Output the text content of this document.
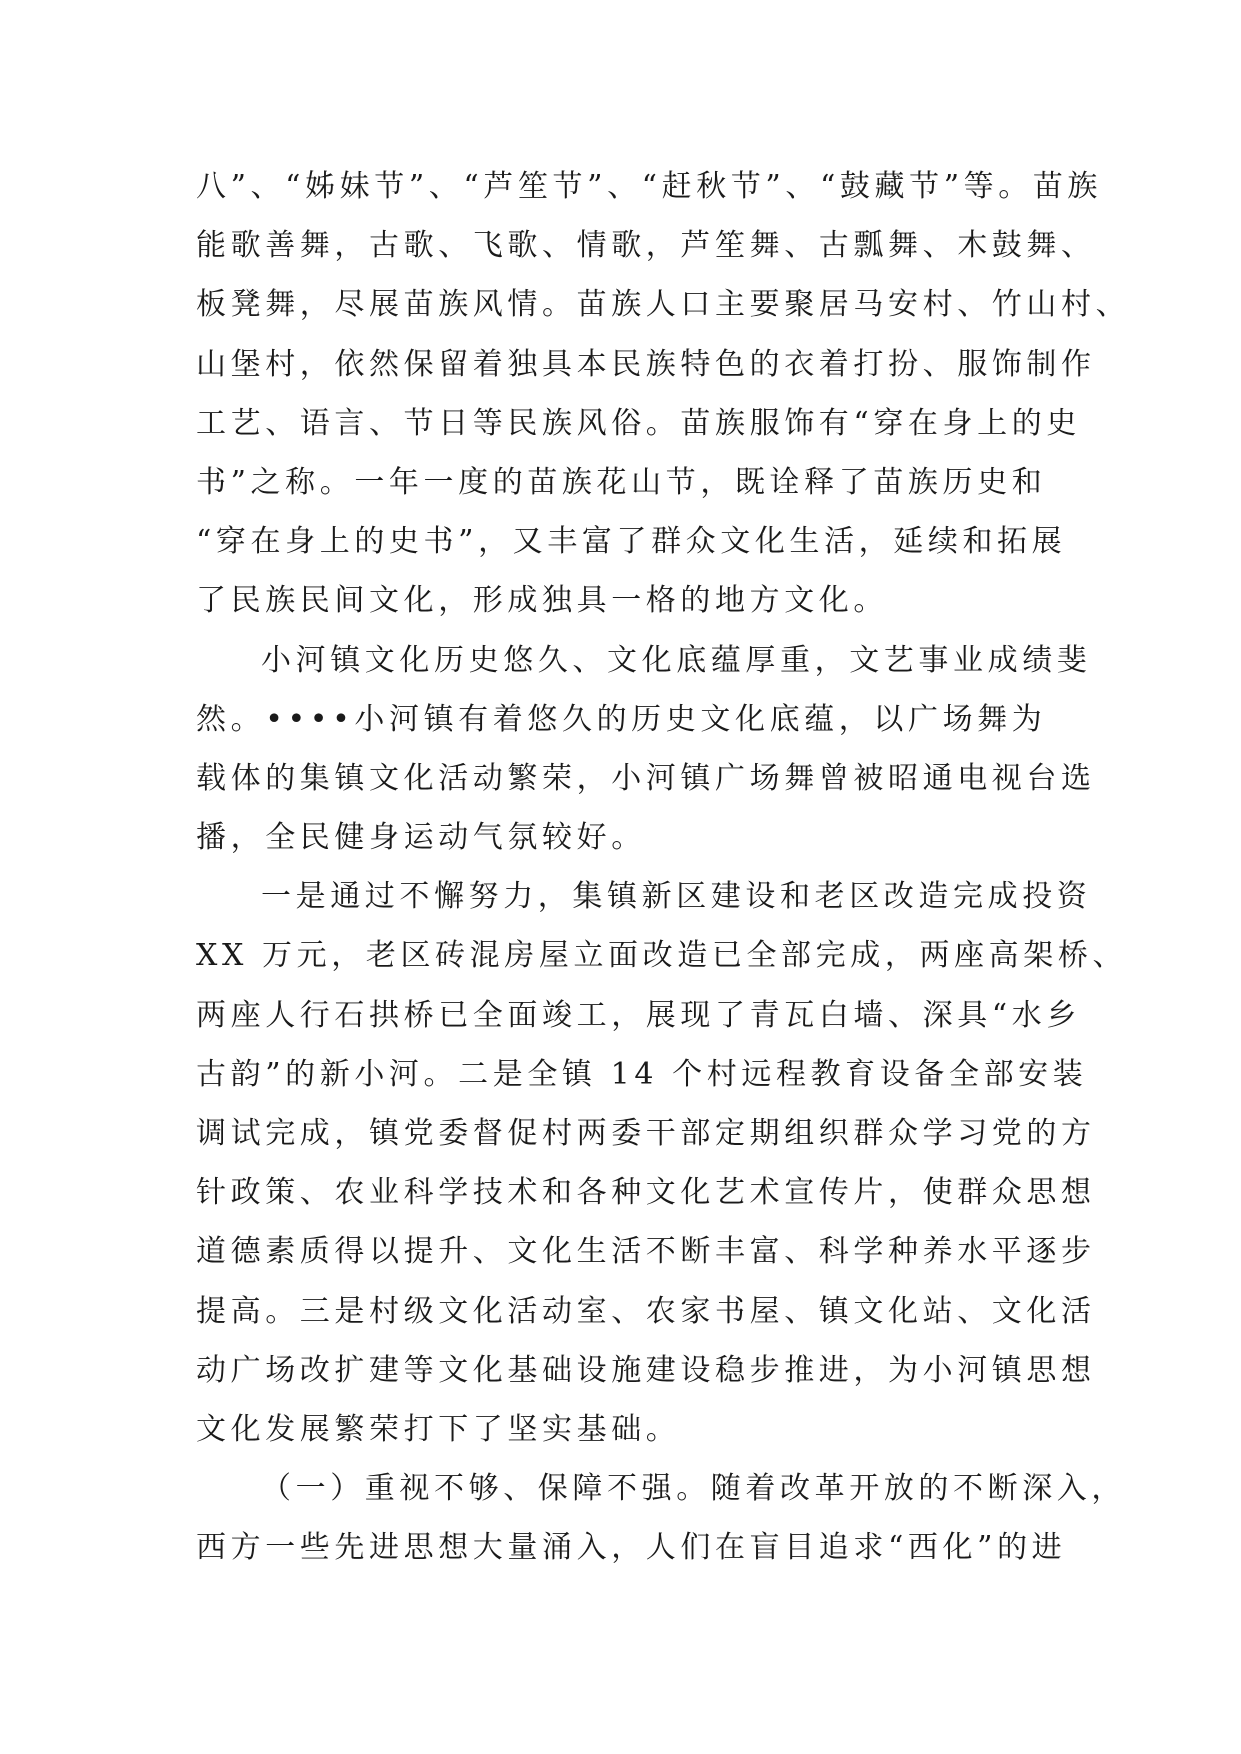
八”、“姊妹节”、“芦笙节”、“赶秋节”、“鼓藏节”等。苗族
能歌善舞，古歌、飞歌、情歌，芦笙舞、古瓢舞、木鼓舞、
板凳舞，尽展苗族风情。苗族人口主要聚居马安村、竹山村、
山堡村，依然保留着独具本民族特色的衣着打扮、服饰制作
工艺、语言、节日等民族风俗。苗族服饰有“穿在身上的史
书”之称。一年一度的苗族花山节，既诠释了苗族历史和
“穿在身上的史书”，又丰富了群众文化生活，延续和拓展
了民族民间文化，形成独具一格的地方文化。
小河镇文化历史悠久、文化底蕴厚重，文艺事业成绩斐
然。••••小河镇有着悠久的历史文化底蕴，以广场舞为
载体的集镇文化活动繁荣，小河镇广场舞曾被昭通电视台选
播，全民健身运动气氛较好。
一是通过不懈努力，集镇新区建设和老区改造完成投资
XX 万元，老区砖混房屋立面改造已全部完成，两座高架桥、
两座人行石拱桥已全面竣工，展现了青瓦白墙、深具“水乡
古韵”的新小河。二是全镇 14 个村远程教育设备全部安装
调试完成，镇党委督促村两委干部定期组织群众学习党的方
针政策、农业科学技术和各种文化艺术宣传片，使群众思想
道德素质得以提升、文化生活不断丰富、科学种养水平逐步
提高。三是村级文化活动室、农家书屋、镇文化站、文化活
动广场改扩建等文化基础设施建设稳步推进，为小河镇思想
文化发展繁荣打下了坚实基础。
（一）重视不够、保障不强。随着改革开放的不断深入，
西方一些先进思想大量涌入，人们在盲目追求“西化”的进
